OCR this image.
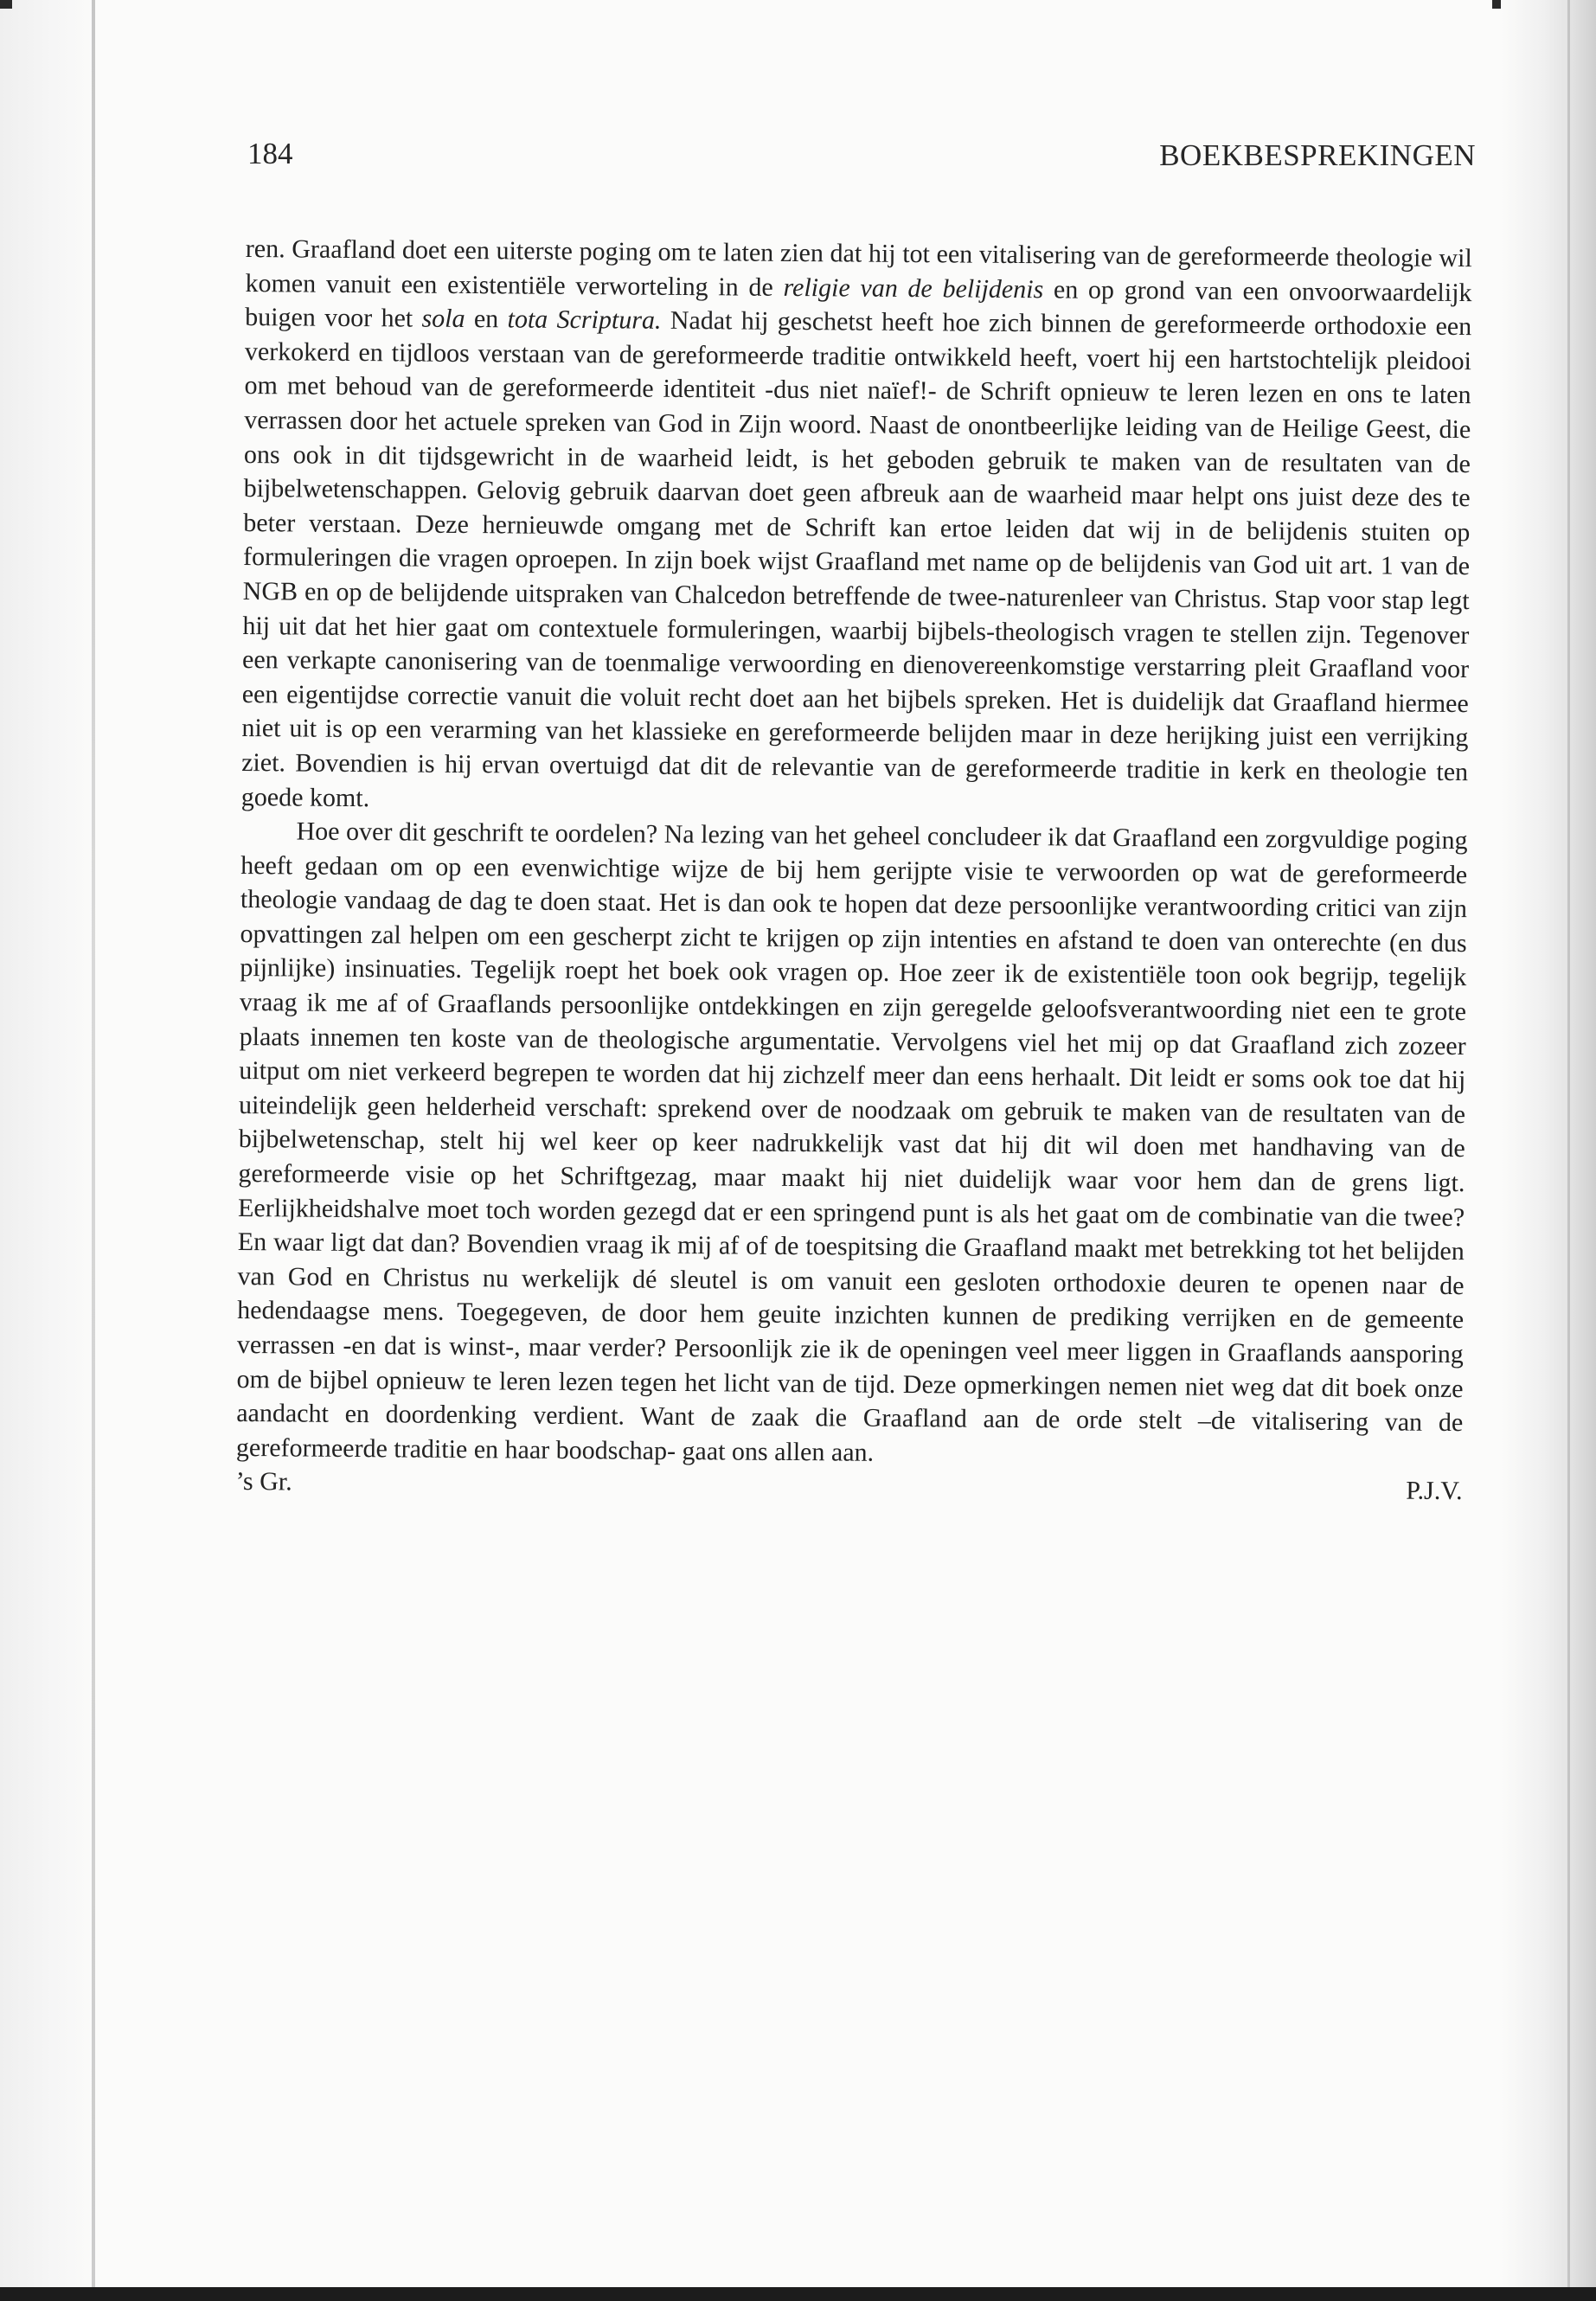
184	BOEKBESPREKINGEN

ren. Graafland doet een uiterste poging om te laten zien dat hij tot een vitalisering van de gereformeerde theologie wil komen vanuit een existentiële verworteling in de religie van de belijdenis en op grond van een onvoorwaardelijk buigen voor het sola en tota Scriptura. Nadat hij geschetst heeft hoe zich binnen de gereformeerde orthodoxie een verkokerd en tijdloos verstaan van de gereformeerde traditie ontwikkeld heeft, voert hij een hartstochtelijk pleidooi om met behoud van de gereformeerde identiteit -dus niet naïef!- de Schrift opnieuw te leren lezen en ons te laten verrassen door het actuele spreken van God in Zijn woord. Naast de onontbeerlijke leiding van de Heilige Geest, die ons ook in dit tijdsgewricht in de waarheid leidt, is het geboden gebruik te maken van de resultaten van de bijbelwetenschappen. Gelovig gebruik daarvan doet geen afbreuk aan de waarheid maar helpt ons juist deze des te beter verstaan. Deze hernieuwde omgang met de Schrift kan ertoe leiden dat wij in de belijdenis stuiten op formuleringen die vragen oproepen. In zijn boek wijst Graafland met name op de belijdenis van God uit art. 1 van de NGB en op de belijdende uitspraken van Chalcedon betreffende de twee-naturenleer van Christus. Stap voor stap legt hij uit dat het hier gaat om contextuele formuleringen, waarbij bijbels-theologisch vragen te stellen zijn. Tegenover een verkapte canonisering van de toenmalige verwoording en dienovereenkomstige verstarring pleit Graafland voor een eigentijdse correctie vanuit die voluit recht doet aan het bijbels spreken. Het is duidelijk dat Graafland hiermee niet uit is op een verarming van het klassieke en gereformeerde belijden maar in deze herijking juist een verrijking ziet. Bovendien is hij ervan overtuigd dat dit de relevantie van de gereformeerde traditie in kerk en theologie ten goede komt.

Hoe over dit geschrift te oordelen? Na lezing van het geheel concludeer ik dat Graafland een zorgvuldige poging heeft gedaan om op een evenwichtige wijze de bij hem gerijpte visie te verwoorden op wat de gereformeerde theologie vandaag de dag te doen staat. Het is dan ook te hopen dat deze persoonlijke verantwoording critici van zijn opvattingen zal helpen om een gescherpt zicht te krijgen op zijn intenties en afstand te doen van onterechte (en dus pijnlijke) insinuaties. Tegelijk roept het boek ook vragen op. Hoe zeer ik de existentiële toon ook begrijp, tegelijk vraag ik me af of Graaflands persoonlijke ontdekkingen en zijn geregelde geloofsverantwoording niet een te grote plaats innemen ten koste van de theologische argumentatie. Vervolgens viel het mij op dat Graafland zich zozeer uitput om niet verkeerd begrepen te worden dat hij zichzelf meer dan eens herhaalt. Dit leidt er soms ook toe dat hij uiteindelijk geen helderheid verschaft: sprekend over de noodzaak om gebruik te maken van de resultaten van de bijbelwetenschap, stelt hij wel keer op keer nadrukkelijk vast dat hij dit wil doen met handhaving van de gereformeerde visie op het Schriftgezag, maar maakt hij niet duidelijk waar voor hem dan de grens ligt. Eerlijkheidshalve moet toch worden gezegd dat er een springend punt is als het gaat om de combinatie van die twee? En waar ligt dat dan? Bovendien vraag ik mij af of de toespitsing die Graafland maakt met betrekking tot het belijden van God en Christus nu werkelijk dé sleutel is om vanuit een gesloten orthodoxie deuren te openen naar de hedendaagse mens. Toegegeven, de door hem geuite inzichten kunnen de prediking verrijken en de gemeente verrassen -en dat is winst-, maar verder? Persoonlijk zie ik de openingen veel meer liggen in Graaflands aansporing om de bijbel opnieuw te leren lezen tegen het licht van de tijd. Deze opmerkingen nemen niet weg dat dit boek onze aandacht en doordenking verdient. Want de zaak die Graafland aan de orde stelt –de vitalisering van de gereformeerde traditie en haar boodschap- gaat ons allen aan.

’s Gr.	P.J.V.
